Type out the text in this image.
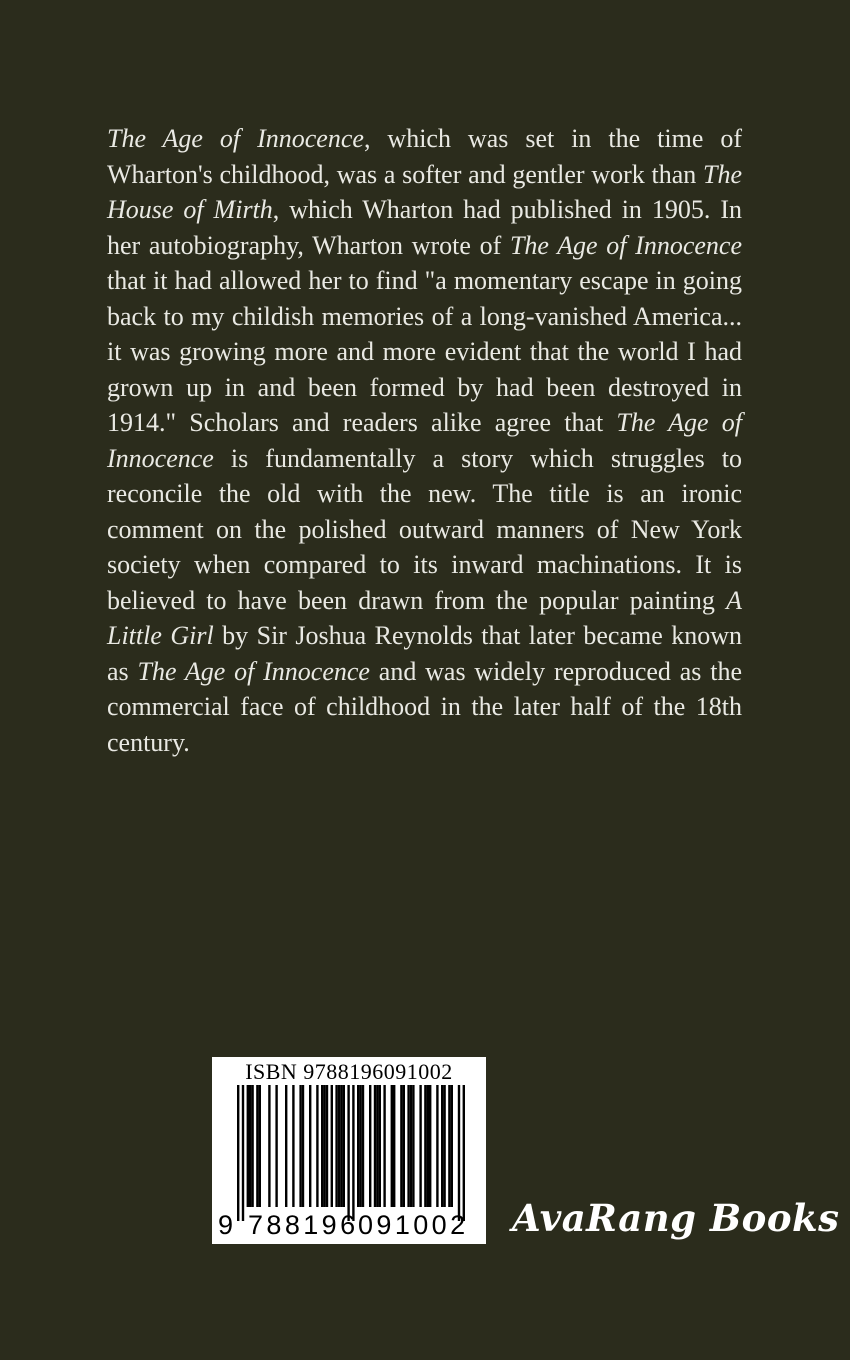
The Age of Innocence, which was set in the time of Wharton's childhood, was a softer and gentler work than The House of Mirth, which Wharton had published in 1905. In her autobiography, Wharton wrote of The Age of Innocence that it had allowed her to find "a momentary escape in going back to my childish memories of a long-vanished America... it was growing more and more evident that the world I had grown up in and been formed by had been destroyed in 1914." Scholars and readers alike agree that The Age of Innocence is fundamentally a story which struggles to reconcile the old with the new. The title is an ironic comment on the polished outward manners of New York society when compared to its inward machinations. It is believed to have been drawn from the popular painting A Little Girl by Sir Joshua Reynolds that later became known as The Age of Innocence and was widely reproduced as the commercial face of childhood in the later half of the 18th century.

ISBN 9788196091002
9 788196 091002 AvaRang Books
